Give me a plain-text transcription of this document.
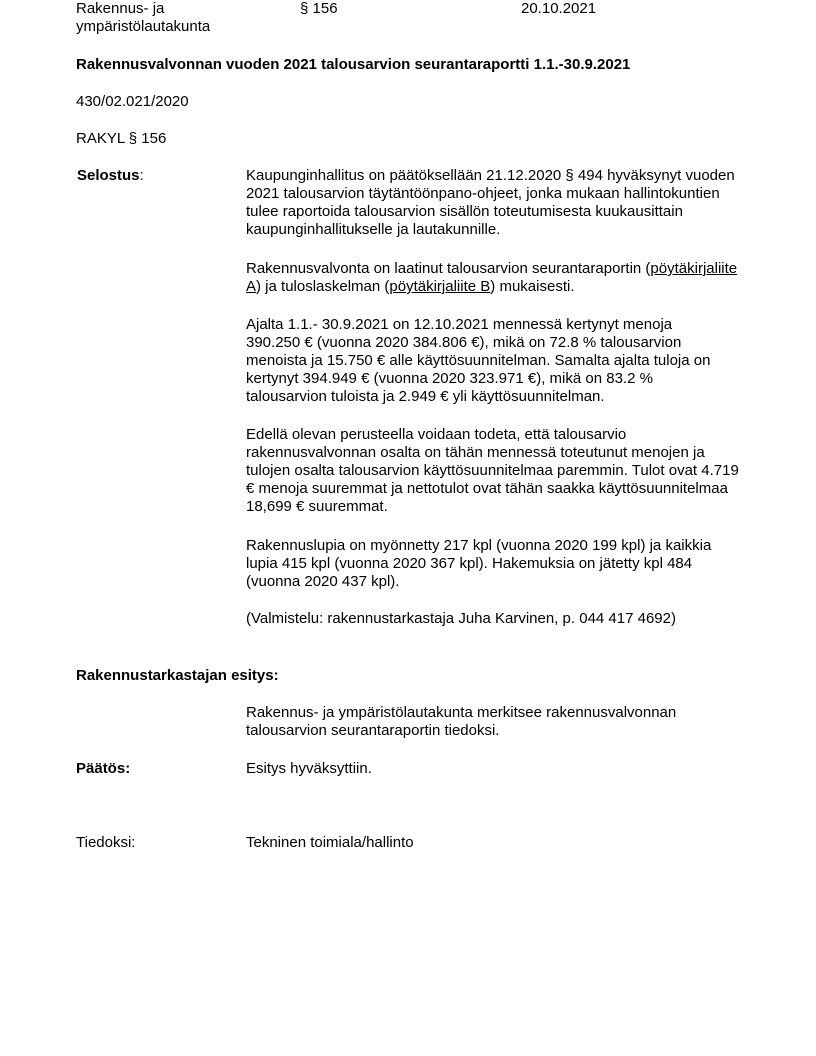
Rakennus- ja
ympäristölautakunta
§ 156	20.10.2021
Rakennusvalvonnan vuoden 2021 talousarvion seurantaraportti 1.1.-30.9.2021
430/02.021/2020
RAKYL § 156
Selostus:	Kaupunginhallitus on päätöksellään 21.12.2020 § 494 hyväksynyt vuoden 2021 talousarvion täytäntöönpano-ohjeet, jonka mukaan hallintokuntien tulee raportoida talousarvion sisällön toteutumisesta kuukausittain kaupunginhallitukselle ja lautakunnille.

Rakennusvalvonta on laatinut talousarvion seurantaraportin (pöytäkirjaliite A) ja tuloslaskelman (pöytäkirjaliite B) mukaisesti.

Ajalta 1.1.- 30.9.2021 on 12.10.2021 mennessä kertynyt menoja 390.250 € (vuonna 2020 384.806 €), mikä on 72.8 % talousarvion menoista ja 15.750 € alle käyttösuunnitelman. Samalta ajalta tuloja on kertynyt 394.949 € (vuonna 2020 323.971 €), mikä on 83.2 % talousarvion tuloista ja 2.949 € yli käyttösuunnitelman.

Edellä olevan perusteella voidaan todeta, että talousarvio rakennusvalvonnan osalta on tähän mennessä toteutunut menojen ja tulojen osalta talousarvion käyttösuunnitelmaa paremmin. Tulot ovat 4.719 € menoja suuremmat ja nettotulot ovat tähän saakka käyttösuunnitelmaa 18,699 € suuremmat.

Rakennuslupia on myönnetty 217 kpl (vuonna 2020 199 kpl) ja kaikkia lupia 415 kpl (vuonna 2020 367 kpl). Hakemuksia on jätetty kpl 484 (vuonna 2020 437 kpl).

(Valmistelu: rakennustarkastaja Juha Karvinen, p. 044 417 4692)

Rakennustarkastajan esitys:

Rakennus- ja ympäristölautakunta merkitsee rakennusvalvonnan talousarvion seurantaraportin tiedoksi.

Päätös:	Esitys hyväksyttiin.
Tiedoksi:	Tekninen toimiala/hallinto
